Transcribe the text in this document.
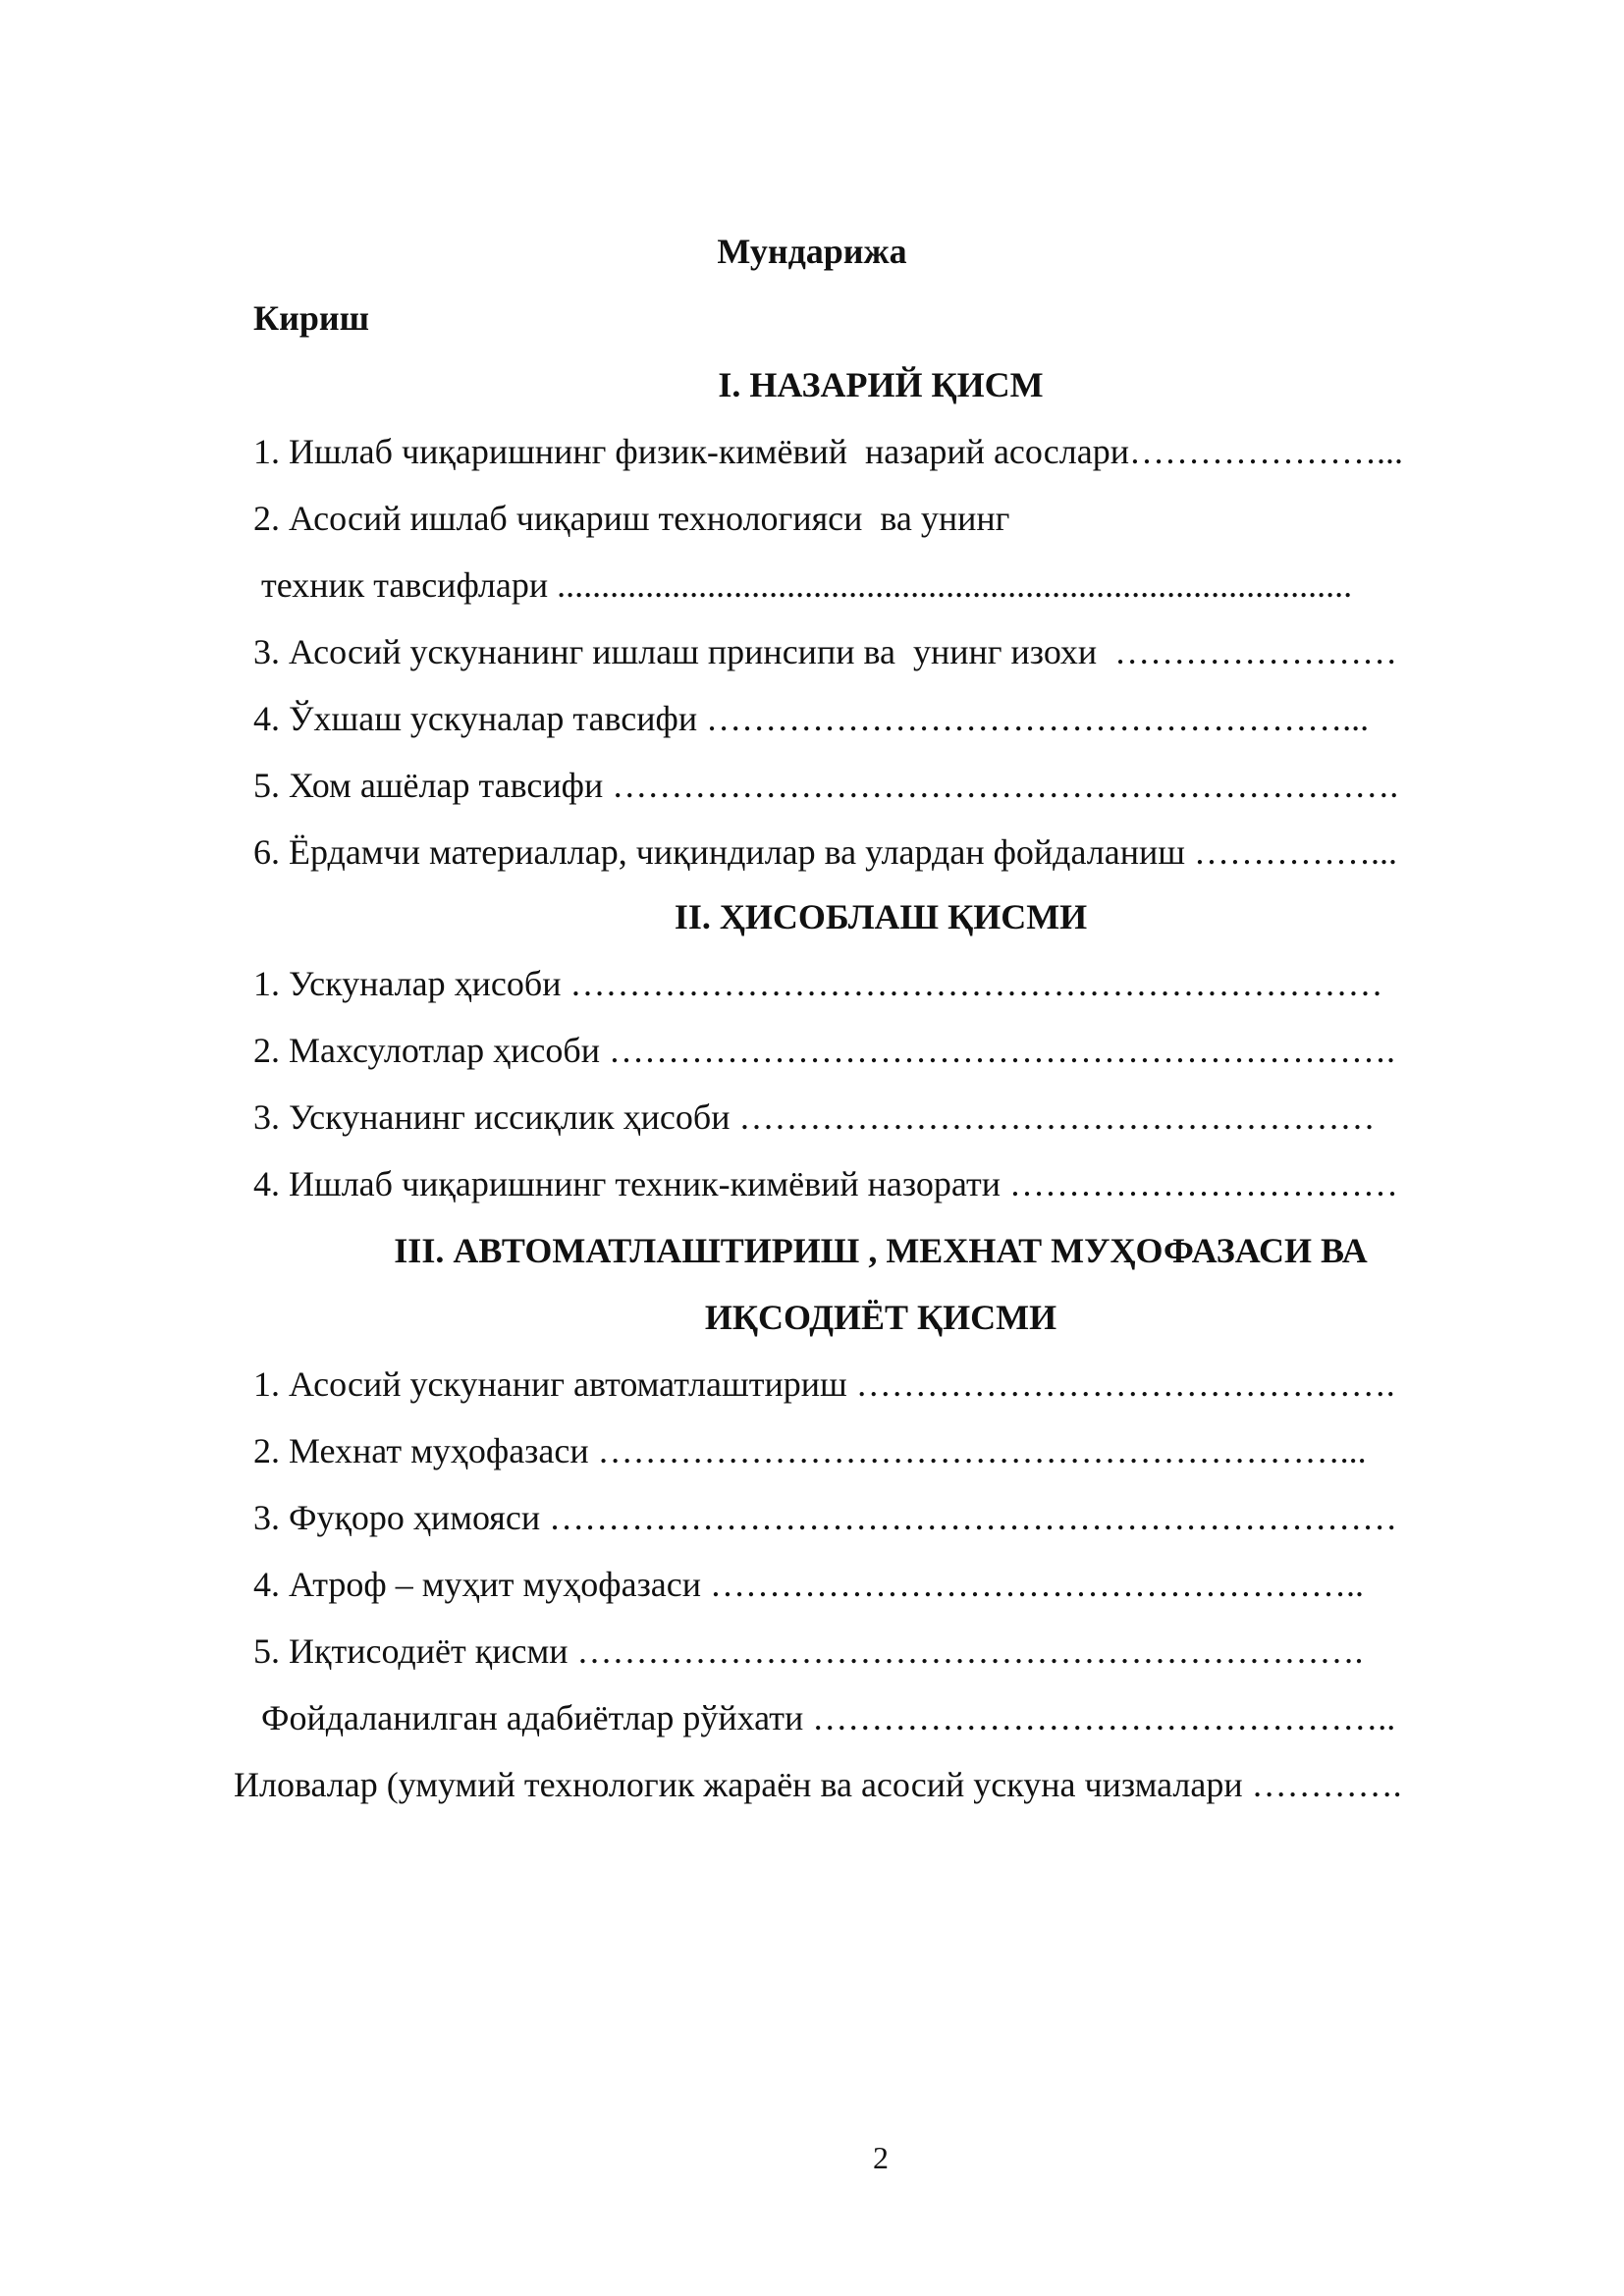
Мундарижа
Кириш
I. НАЗАРИЙ ҚИСМ
1. Ишлаб чиқаришнинг физик-кимёвий  назарий асослари…………………...
2. Асосий ишлаб чиқариш технологияси  ва унинг
техник тавсифлари ..........................................................................................
3. Асосий ускунанинг ишлаш принсипи ва  унинг изохи  ……………………
4. Ўхшаш ускуналар тавсифи ………………………………………………...
5. Хом ашёлар тавсифи ………………………………………………………….
6. Ёрдамчи материаллар, чиқиндилар ва улардан фойдаланиш ……………...
II. ҲИСОБЛАШ ҚИСМИ
1. Ускуналар ҳисоби ……………………………………………………………
2. Махсулотлар ҳисоби ………………………………………………………….
3. Ускунанинг иссиқлик ҳисоби ………………………………………………
4. Ишлаб чиқаришнинг техник-кимёвий назорати ……………………………
III. АВТОМАТЛАШТИРИШ , МЕХНАТ МУҲОФАЗАСИ ВА
ИҚСОДИЁТ ҚИСМИ
1. Асосий ускунаниг автоматлаштириш ……………………………………….
2. Мехнат муҳофазаси ………………………………………………………...
3. Фуқоро ҳимояси ………………………………………………………………
4. Атроф – муҳит муҳофазаси ………………………………………………..
5. Иқтисодиёт қисми ………………………………………………………….
Фойдаланилган адабиётлар рўйхати …………………………………………..
Иловалар (умумий технологик жараён ва асосий ускуна чизмалари ………….
2
